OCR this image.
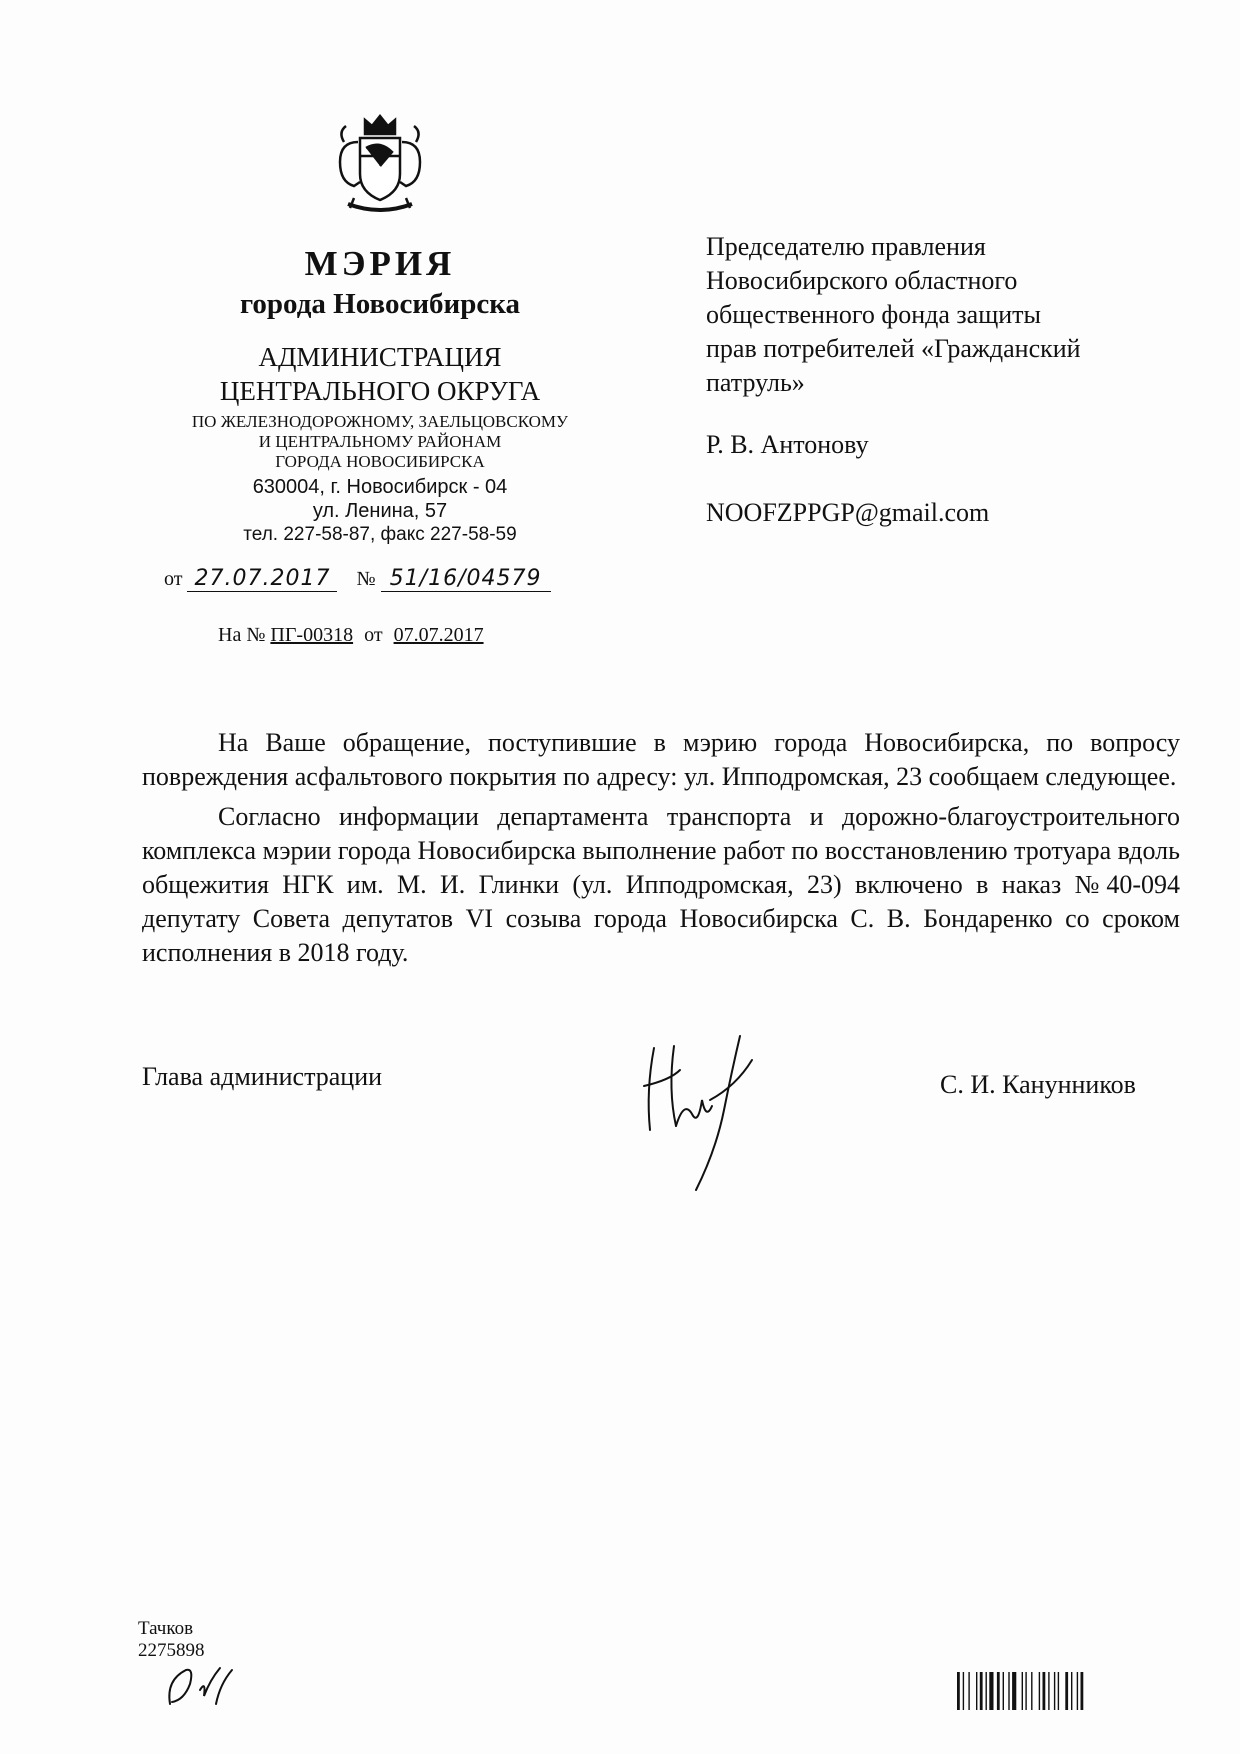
МЭРИЯ
города Новосибирска
АДМИНИСТРАЦИЯ
ЦЕНТРАЛЬНОГО ОКРУГА
ПО ЖЕЛЕЗНОДОРОЖНОМУ, ЗАЕЛЬЦОВСКОМУ
И ЦЕНТРАЛЬНОМУ РАЙОНАМ
ГОРОДА НОВОСИБИРСКА
630004, г. Новосибирск - 04
ул. Ленина, 57
тел. 227-58-87, факс 227-58-59
от 27.07.2017 № 51/16/04579
На № ПГ-00318 от 07.07.2017
Председателю правления
Новосибирского областного
общественного фонда защиты
прав потребителей «Гражданский
патруль»
Р. В. Антонову
NOOFZPPGP@gmail.com

На Ваше обращение, поступившие в мэрию города Новосибирска, по вопросу повреждения асфальтового покрытия по адресу: ул. Ипподромская, 23 сообщаем следующее.

Согласно информации департамента транспорта и дорожно-благоустроительного комплекса мэрии города Новосибирска выполнение работ по восстановлению тротуара вдоль общежития НГК им. М. И. Глинки (ул. Ипподромская, 23) включено в наказ №40-094 депутату Совета депутатов VI созыва города Новосибирска С. В. Бондаренко со сроком исполнения в 2018 году.

Глава администрации	С. И. Канунников
Тачков
2275898
